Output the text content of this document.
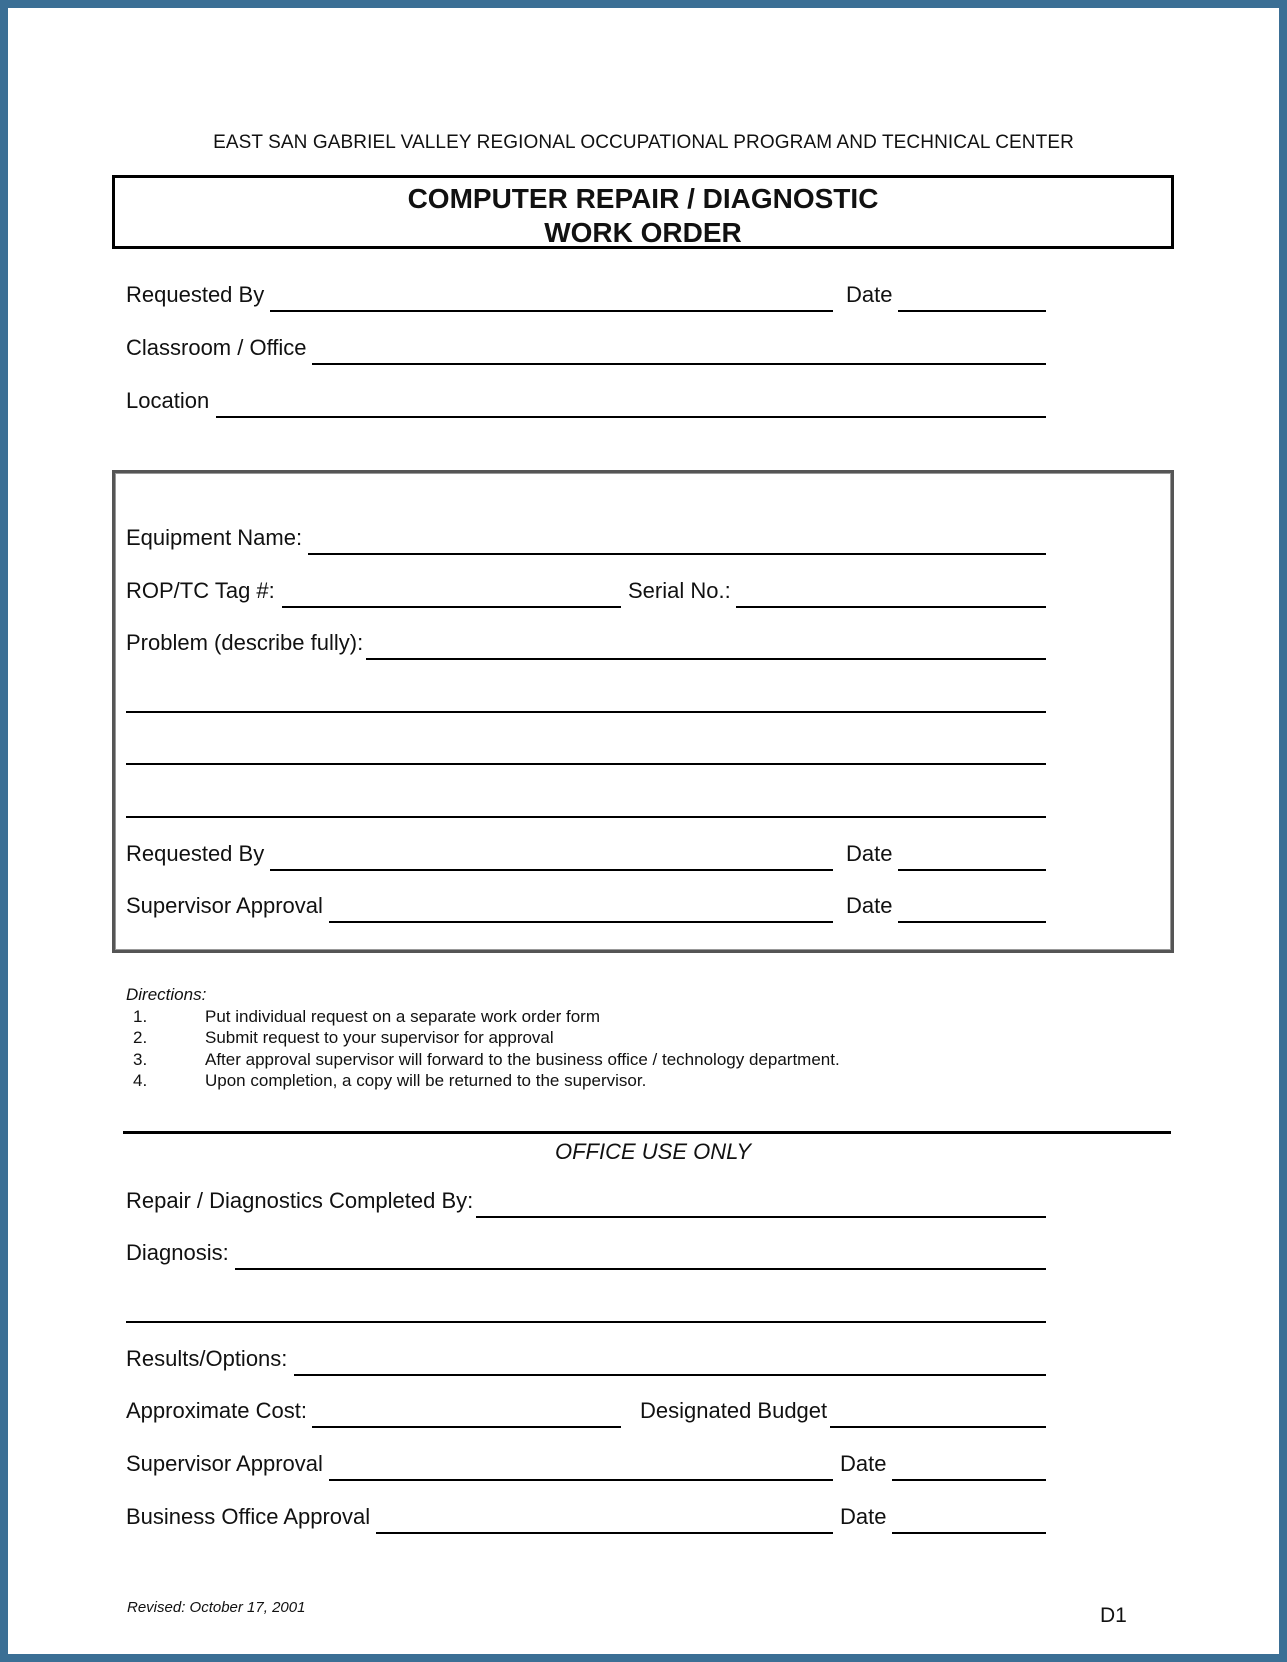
EAST SAN GABRIEL VALLEY REGIONAL OCCUPATIONAL PROGRAM AND TECHNICAL CENTER
COMPUTER REPAIR / DIAGNOSTIC
WORK ORDER
Requested By	Date
Classroom / Office
Location
Equipment Name:
ROP/TC Tag #:	Serial No.:
Problem (describe fully):
Requested By	Date
Supervisor Approval	Date
Directions:
1.	Put individual request on a separate work order form
2.	Submit request to your supervisor for approval
3.	After approval supervisor will forward to the business office / technology department.
4.	Upon completion, a copy will be returned to the supervisor.
OFFICE USE ONLY
Repair / Diagnostics Completed By:
Diagnosis:
Results/Options:
Approximate Cost:	Designated Budget
Supervisor Approval	Date
Business Office Approval	Date
Revised: October 17, 2001	D1
